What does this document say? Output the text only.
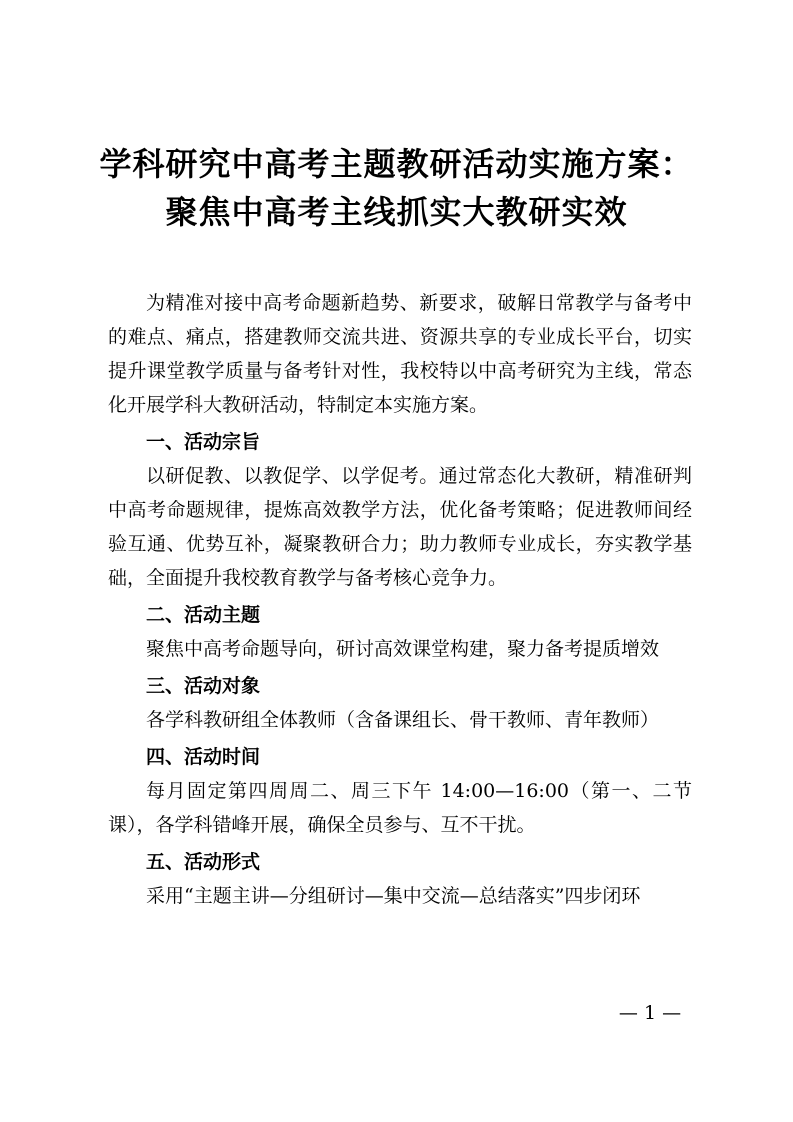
学科研究中高考主题教研活动实施方案：

聚焦中高考主线抓实大教研实效

为精准对接中高考命题新趋势、新要求，破解日常教学与备考中的难点、痛点，搭建教师交流共进、资源共享的专业成长平台，切实提升课堂教学质量与备考针对性，我校特以中高考研究为主线，常态化开展学科大教研活动，特制定本实施方案。

一、活动宗旨

以研促教、以教促学、以学促考。通过常态化大教研，精准研判中高考命题规律，提炼高效教学方法，优化备考策略；促进教师间经验互通、优势互补，凝聚教研合力；助力教师专业成长，夯实教学基础，全面提升我校教育教学与备考核心竞争力。

二、活动主题

聚焦中高考命题导向，研讨高效课堂构建，聚力备考提质增效

三、活动对象

各学科教研组全体教师（含备课组长、骨干教师、青年教师）

四、活动时间

每月固定第四周周二、周三下午 14:00—16:00（第一、二节课），各学科错峰开展，确保全员参与、互不干扰。

五、活动形式

采用“主题主讲—分组研讨—集中交流—总结落实”四步闭环

— 1 —
